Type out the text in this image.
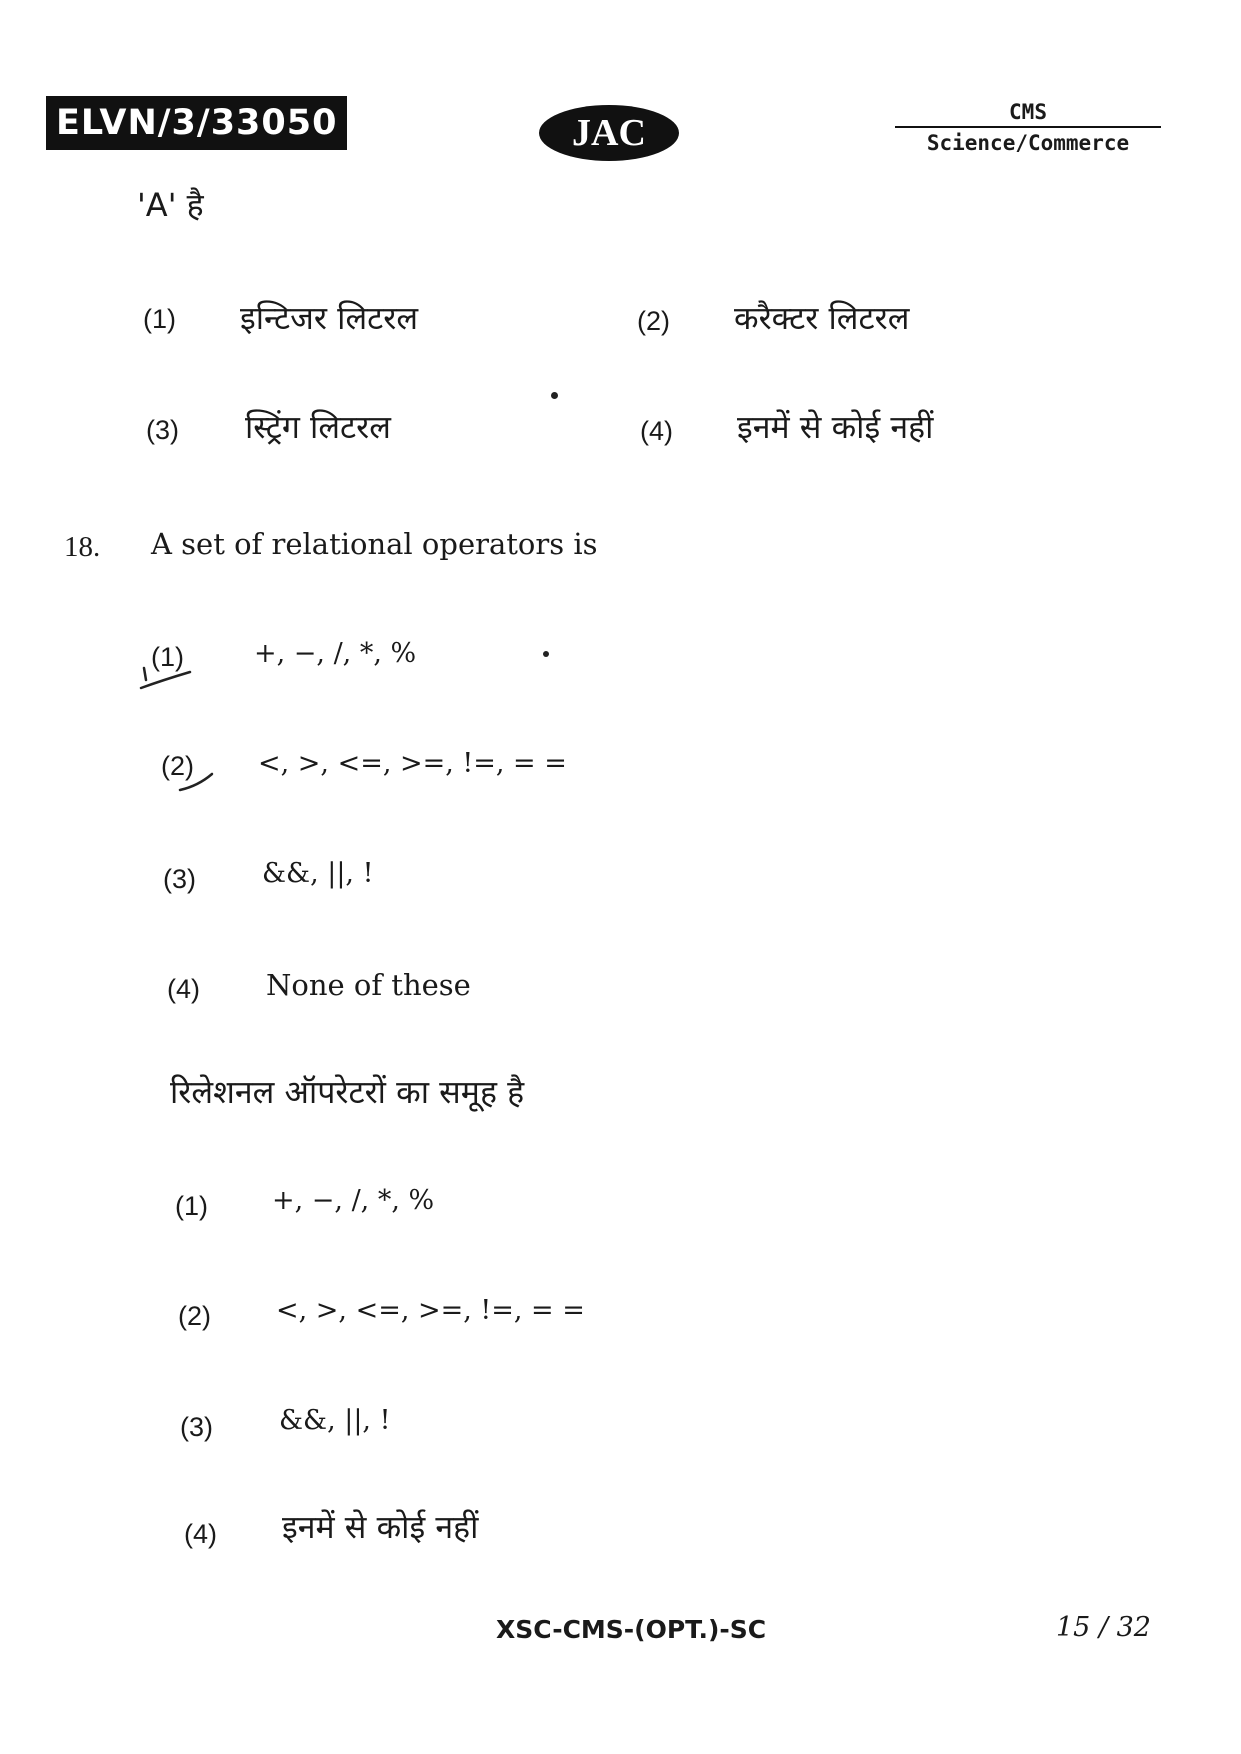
ELVN/3/33050	JAC	CMS
Science/Commerce
'A' है
(1) इन्टिजर लिटरल	(2) करैक्टर लिटरल
(3) स्ट्रिंग लिटरल	(4) इनमें से कोई नहीं
18. A set of relational operators is
(1)	+, −, /, *, %
(2) <, >, <=, >=, !=, = =
(3) &&, ||, !
(4) None of these
रिलेशनल ऑपरेटरों का समूह है
(1) +, −, /, *, %
(2) <, >, <=, >=, !=, = =
(3) &&, ||, !
(4) इनमें से कोई नहीं
XSC-CMS-(OPT.)-SC	15 / 32
